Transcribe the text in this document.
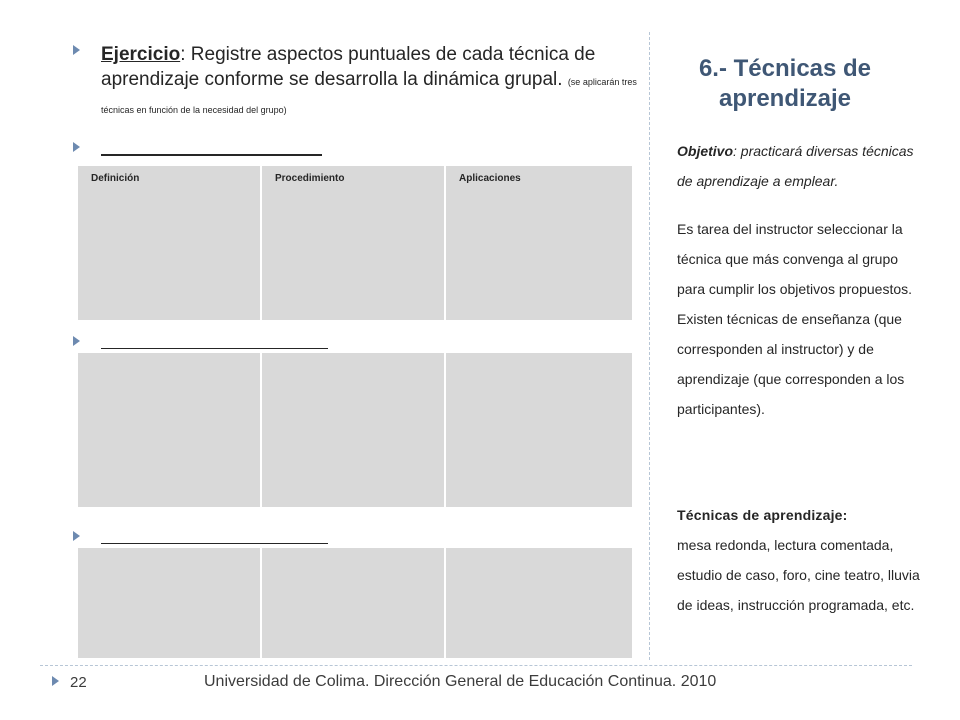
Ejercicio: Registre aspectos puntuales de cada técnica de aprendizaje conforme se desarrolla la dinámica grupal. (se aplicarán tres técnicas en función de la necesidad del grupo)
Definición	Procedimiento	Aplicaciones

6.- Técnicas de aprendizaje
Objetivo: practicará diversas técnicas de aprendizaje a emplear.
Es tarea del instructor seleccionar la técnica que más convenga al grupo para cumplir los objetivos propuestos. Existen técnicas de enseñanza (que corresponden al instructor) y de aprendizaje (que corresponden a los participantes).
Técnicas de aprendizaje:
mesa redonda, lectura comentada, estudio de caso, foro, cine teatro, lluvia de ideas, instrucción programada, etc.
22	Universidad de Colima. Dirección General de Educación Continua. 2010
